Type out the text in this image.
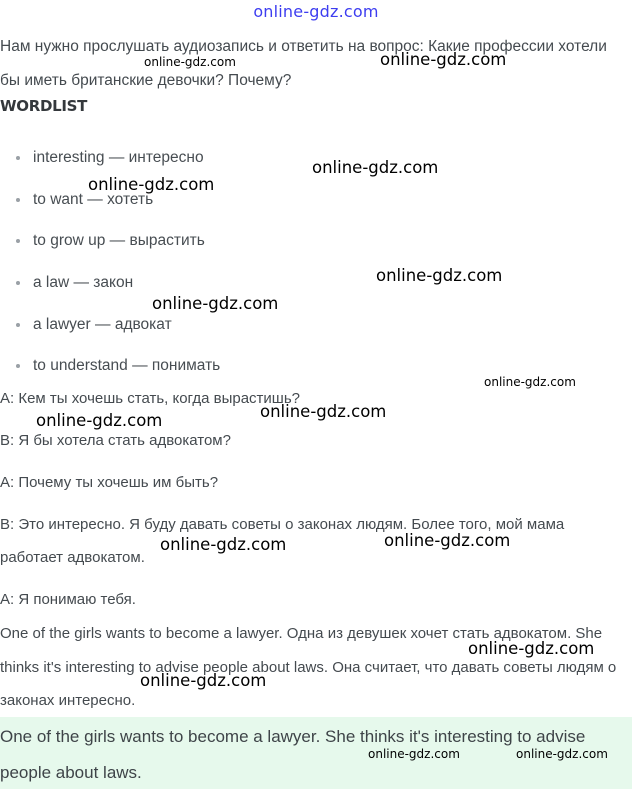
online-gdz.com
Нам нужно прослушать аудиозапись и ответить на вопрос: Какие профессии хотели бы иметь британские девочки? Почему?
WORDLIST
interesting — интересно
to want — хотеть
to grow up — вырастить
a law — закон
a lawyer — адвокат
to understand — понимать
А: Кем ты хочешь стать, когда вырастишь?
В: Я бы хотела стать адвокатом?
А: Почему ты хочешь им быть?
В: Это интересно. Я буду давать советы о законах людям. Более того, мой мама
работает адвокатом.
А: Я понимаю тебя.
One of the girls wants to become a lawyer. Одна из девушек хочет стать адвокатом. She thinks it's interesting to advise people about laws. Она считает, что давать советы людям о законах интересно.
One of the girls wants to become a lawyer. She thinks it's interesting to advise people about laws.
online-gdz.com	online-gdz.com
online-gdz.com
online-gdz.com
online-gdz.com
online-gdz.com
online-gdz.com
online-gdz.com
online-gdz.com
online-gdz.com
online-gdz.com
online-gdz.com
online-gdz.com
online-gdz.com	online-gdz.com
